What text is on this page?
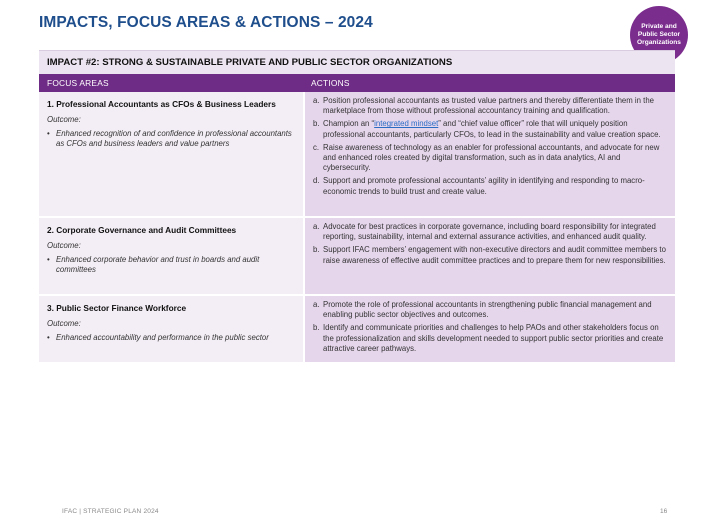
IMPACTS, FOCUS AREAS & ACTIONS – 2024	Private and
Public Sector
Organizations
IMPACT #2: STRONG & SUSTAINABLE PRIVATE AND PUBLIC SECTOR ORGANIZATIONS
FOCUS AREAS	ACTIONS
1. Professional Accountants as CFOs & Business Leaders
Outcome:
• Enhanced recognition of and confidence in professional accountants as CFOs and business leaders and value partners
a. Position professional accountants as trusted value partners and thereby differentiate them in the marketplace from those without professional accountancy training and qualification.
b. Champion an “integrated mindset” and “chief value officer” role that will uniquely position professional accountants, particularly CFOs, to lead in the sustainability and value creation space.
c. Raise awareness of technology as an enabler for professional accountants, and advocate for new and enhanced roles created by digital transformation, such as in data analytics, AI and cybersecurity.
d. Support and promote professional accountants’ agility in identifying and responding to macro-economic trends to build trust and create value.
2. Corporate Governance and Audit Committees
Outcome:
• Enhanced corporate behavior and trust in boards and audit committees
a. Advocate for best practices in corporate governance, including board responsibility for integrated reporting, sustainability, internal and external assurance activities, and enhanced audit quality.
b. Support IFAC members’ engagement with non-executive directors and audit committee members to raise awareness of effective audit committee practices and to prepare them for new responsibilities.
3. Public Sector Finance Workforce
Outcome:
• Enhanced accountability and performance in the public sector
a. Promote the role of professional accountants in strengthening public financial management and enabling public sector objectives and outcomes.
b. Identify and communicate priorities and challenges to help PAOs and other stakeholders focus on the professionalization and skills development needed to support public sector priorities and create attractive career pathways.
IFAC | STRATEGIC PLAN 2024	16
